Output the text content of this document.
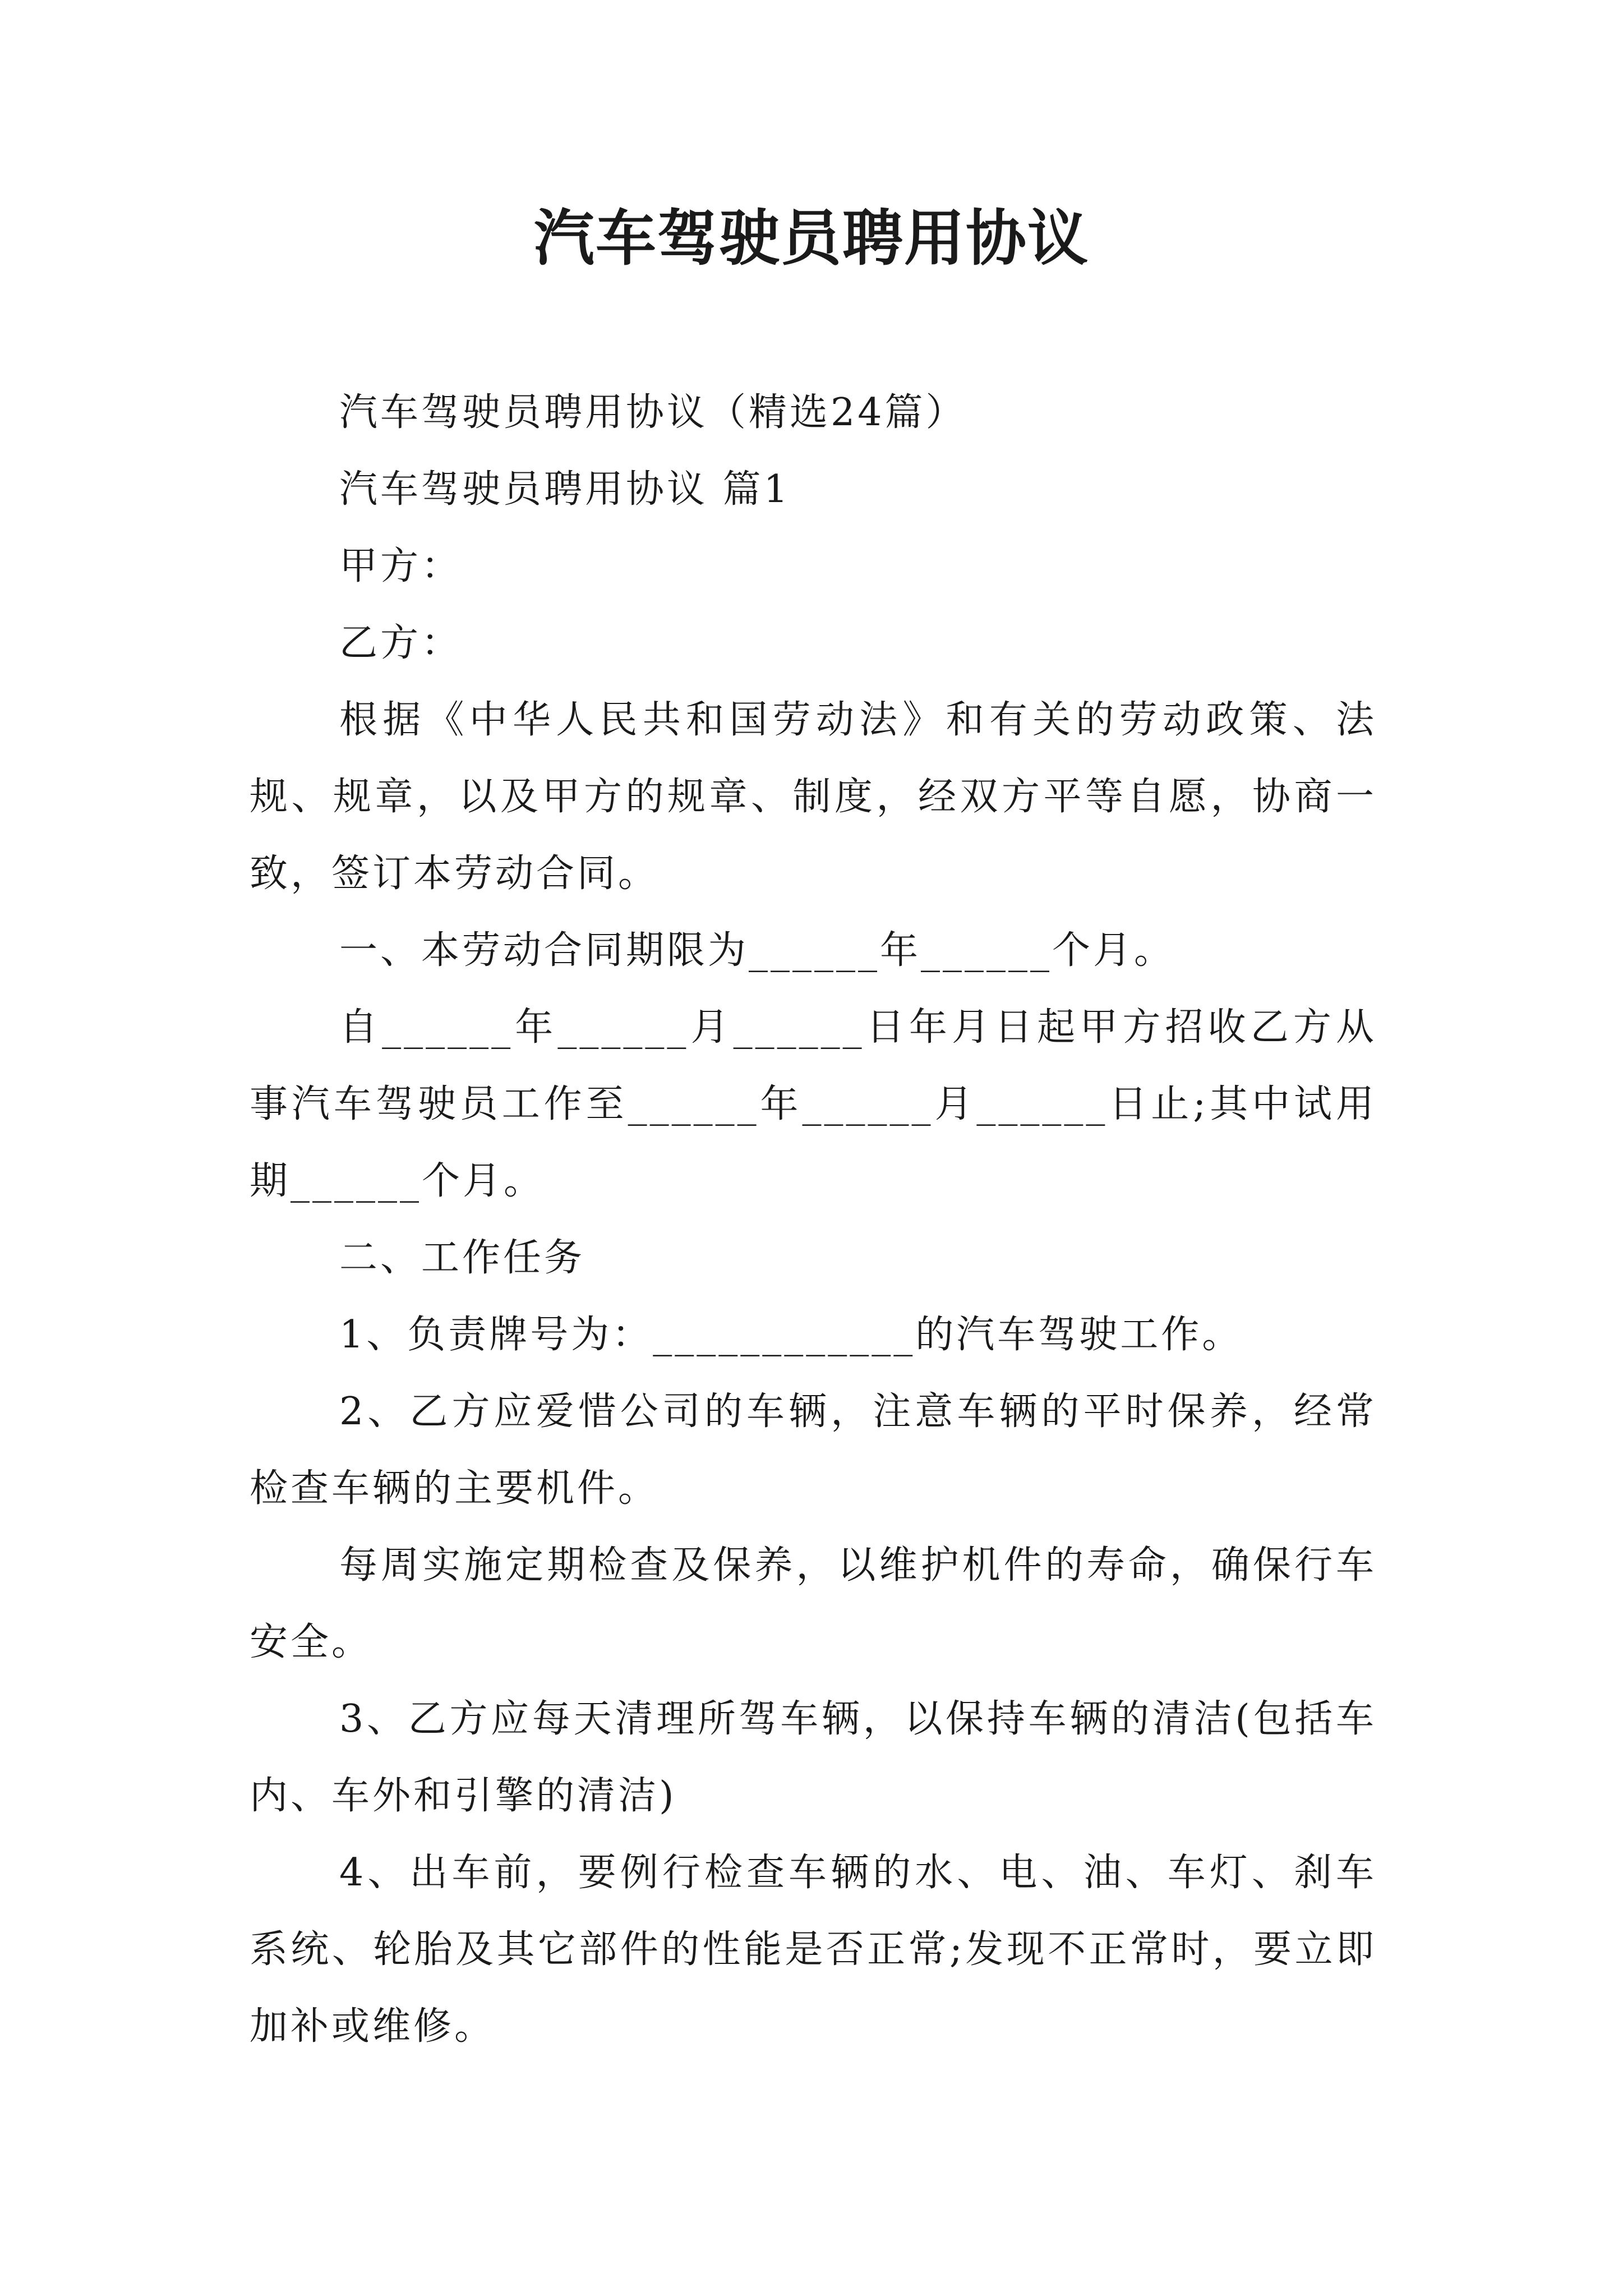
汽车驾驶员聘用协议

汽车驾驶员聘用协议（精选24篇）

汽车驾驶员聘用协议 篇1

甲方：

乙方：

根据《中华人民共和国劳动法》和有关的劳动政策、法规、规章，以及甲方的规章、制度，经双方平等自愿，协商一致，签订本劳动合同。

一、本劳动合同期限为______年______个月。

自______年______月______日年月日起甲方招收乙方从事汽车驾驶员工作至______年______月______日止;其中试用期______个月。

二、工作任务

1、负责牌号为：____________的汽车驾驶工作。

2、乙方应爱惜公司的车辆，注意车辆的平时保养，经常检查车辆的主要机件。

每周实施定期检查及保养，以维护机件的寿命，确保行车安全。

3、乙方应每天清理所驾车辆，以保持车辆的清洁(包括车内、车外和引擎的清洁)

4、出车前，要例行检查车辆的水、电、油、车灯、刹车系统、轮胎及其它部件的性能是否正常;发现不正常时，要立即加补或维修。
